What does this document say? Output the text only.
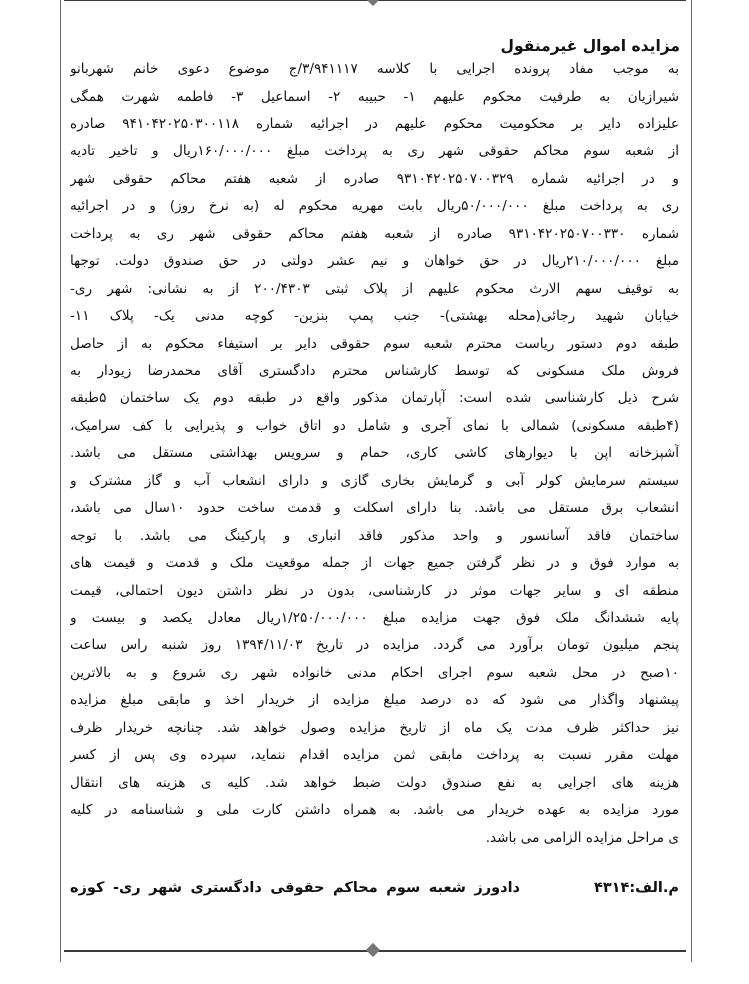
مزایده اموال غیرمنقول
به موجب مفاد پرونده اجرایی با کلاسه ۳/۹۴۱۱۱۷/ج موضوع دعوی خانم شهربانو
شیرازیان به طرفیت محکوم علیهم ۱- حبیبه ۲- اسماعیل ۳- فاطمه شهرت همگی
علیزاده دایر بر محکومیت محکوم علیهم در اجرائیه شماره ۹۴۱۰۴۲۰۲۵۰۳۰۰۱۱۸ صادره
از شعبه سوم محاکم حقوقی شهر ری به پرداخت مبلغ ۱۶۰/۰۰۰/۰۰۰ریال و تاخیر تادیه
و در اجرائیه شماره ۹۳۱۰۴۲۰۲۵۰۷۰۰۳۲۹ صادره از شعبه هفتم محاکم حقوقی شهر
ری به پرداخت مبلغ ۵۰/۰۰۰/۰۰۰ریال بابت مهریه محکوم له (به نرخ روز) و در اجرائیه
شماره ۹۳۱۰۴۲۰۲۵۰۷۰۰۳۳۰ صادره از شعبه هفتم محاکم حقوقی شهر ری به پرداخت
مبلغ ۲۱۰/۰۰۰/۰۰۰ریال در حق خواهان و نیم عشر دولتی در حق صندوق دولت. توجها
به توقیف سهم الارث محکوم علیهم از پلاک ثبتی ۲۰۰/۴۳۰۳ از به نشانی: شهر ری-
خیابان شهید رجائی(محله بهشتی)- جنب پمپ بنزین- کوچه مدنی یک- پلاک ۱۱-
طبقه دوم دستور ریاست محترم شعبه سوم حقوقی دایر بر استیفاء محکوم به از حاصل
فروش ملک مسکونی که توسط کارشناس محترم دادگستری آقای محمدرضا زیودار به
شرح ذیل کارشناسی شده است: آپارتمان مذکور واقع در طبقه دوم یک ساختمان ۵طبقه
(۴طبقه مسکونی) شمالی با نمای آجری و شامل دو اتاق خواب و پذیرایی با کف سرامیک،
آشپزخانه اپن با دیوارهای کاشی کاری، حمام و سرویس بهداشتی مستقل می باشد.
سیستم سرمایش کولر آبی و گرمایش بخاری گازی و دارای انشعاب آب و گاز مشترک و
انشعاب برق مستقل می باشد. بنا دارای اسکلت و قدمت ساخت حدود ۱۰سال می باشد،
ساختمان فاقد آسانسور و واحد مذکور فاقد انباری و پارکینگ می باشد. با توجه
به موارد فوق و در نظر گرفتن جمیع جهات از جمله موقعیت ملک و قدمت و قیمت های
منطقه ای و سایر جهات موثر در کارشناسی، بدون در نظر داشتن دیون احتمالی، قیمت
پایه ششدانگ ملک فوق جهت مزایده مبلغ ۱/۲۵۰/۰۰۰/۰۰۰ریال معادل یکصد و بیست و
پنجم میلیون تومان برآورد می گردد. مزایده در تاریخ ۱۳۹۴/۱۱/۰۳ روز شنبه راس ساعت
۱۰صبح در محل شعبه سوم اجرای احکام مدنی خانواده شهر ری شروع و به بالاترین
پیشنهاد واگذار می شود که ده درصد مبلغ مزایده از خریدار اخذ و مابقی مبلغ مزایده
نیز حداکثر ظرف مدت یک ماه از تاریخ مزایده وصول خواهد شد. چنانچه خریدار ظرف
مهلت مقرر نسبت به پرداخت مابقی ثمن مزایده اقدام ننماید، سپرده وی پس از کسر
هزینه های اجرایی به نفع صندوق دولت ضبط خواهد شد. کلیه ی هزینه های انتقال
مورد مزایده به عهده خریدار می باشد. به همراه داشتن کارت ملی و شناسنامه در کلیه
ی مراحل مزایده الزامی می باشد.
م.الف:۴۳۱۴
دادورز شعبه سوم محاکم حقوقی دادگستری شهر ری- کوزه
